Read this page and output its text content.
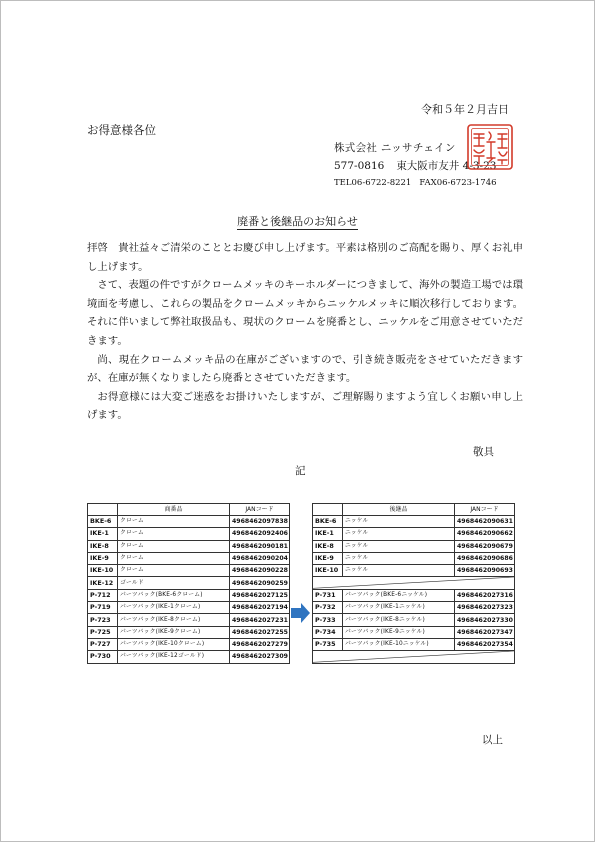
令和５年２月吉日
お得意様各位
株式会社 ニッサチェイン
577-0816 東大阪市友井 4-3-23
TEL06-6722-8221 FAX06-6723-1746
廃番と後継品のお知らせ

拝啓　貴社益々ご清栄のこととお慶び申し上げます。平素は格別のご高配を賜り、厚くお礼申し上げます。

さて、表題の件ですがクロームメッキのキーホルダーにつきまして、海外の製造工場では環境面を考慮し、これらの製品をクロームメッキからニッケルメッキに順次移行しております。それに伴いまして弊社取扱品も、現状のクロームを廃番とし、ニッケルをご用意させていただきます。

尚、現在クロームメッキ品の在庫がございますので、引き続き販売をさせていただきますが、在庫が無くなりましたら廃番とさせていただきます。

お得意様には大変ご迷惑をお掛けいたしますが、ご理解賜りますよう宜しくお願い申し上げます。

敬具
記
	商番品	JANコード
BKE-6	クローム	4968462097838
IKE-1	クローム	4968462092406
IKE-8	クローム	4968462090181
IKE-9	クローム	4968462090204
IKE-10	クローム	4968462090228
IKE-12	ゴールド	4968462090259
P-712	パーツパック(BKE-6クローム)	4968462027125
P-719	パーツパック(IKE-1クローム)	4968462027194
P-723	パーツパック(IKE-8クローム)	4968462027231
P-725	パーツパック(IKE-9クローム)	4968462027255
P-727	パーツパック(IKE-10クローム)	4968462027279
P-730	パーツパック(IKE-12ゴールド)	4968462027309
	後継品	JANコード
BKE-6	ニッケル	4968462090631
IKE-1	ニッケル	4968462090662
IKE-8	ニッケル	4968462090679
IKE-9	ニッケル	4968462090686
IKE-10	ニッケル	4968462090693

P-731	パーツパック(BKE-6ニッケル)	4968462027316
P-732	パーツパック(IKE-1ニッケル)	4968462027323
P-733	パーツパック(IKE-8ニッケル)	4968462027330
P-734	パーツパック(IKE-9ニッケル)	4968462027347
P-735	パーツパック(IKE-10ニッケル)	4968462027354

以上
